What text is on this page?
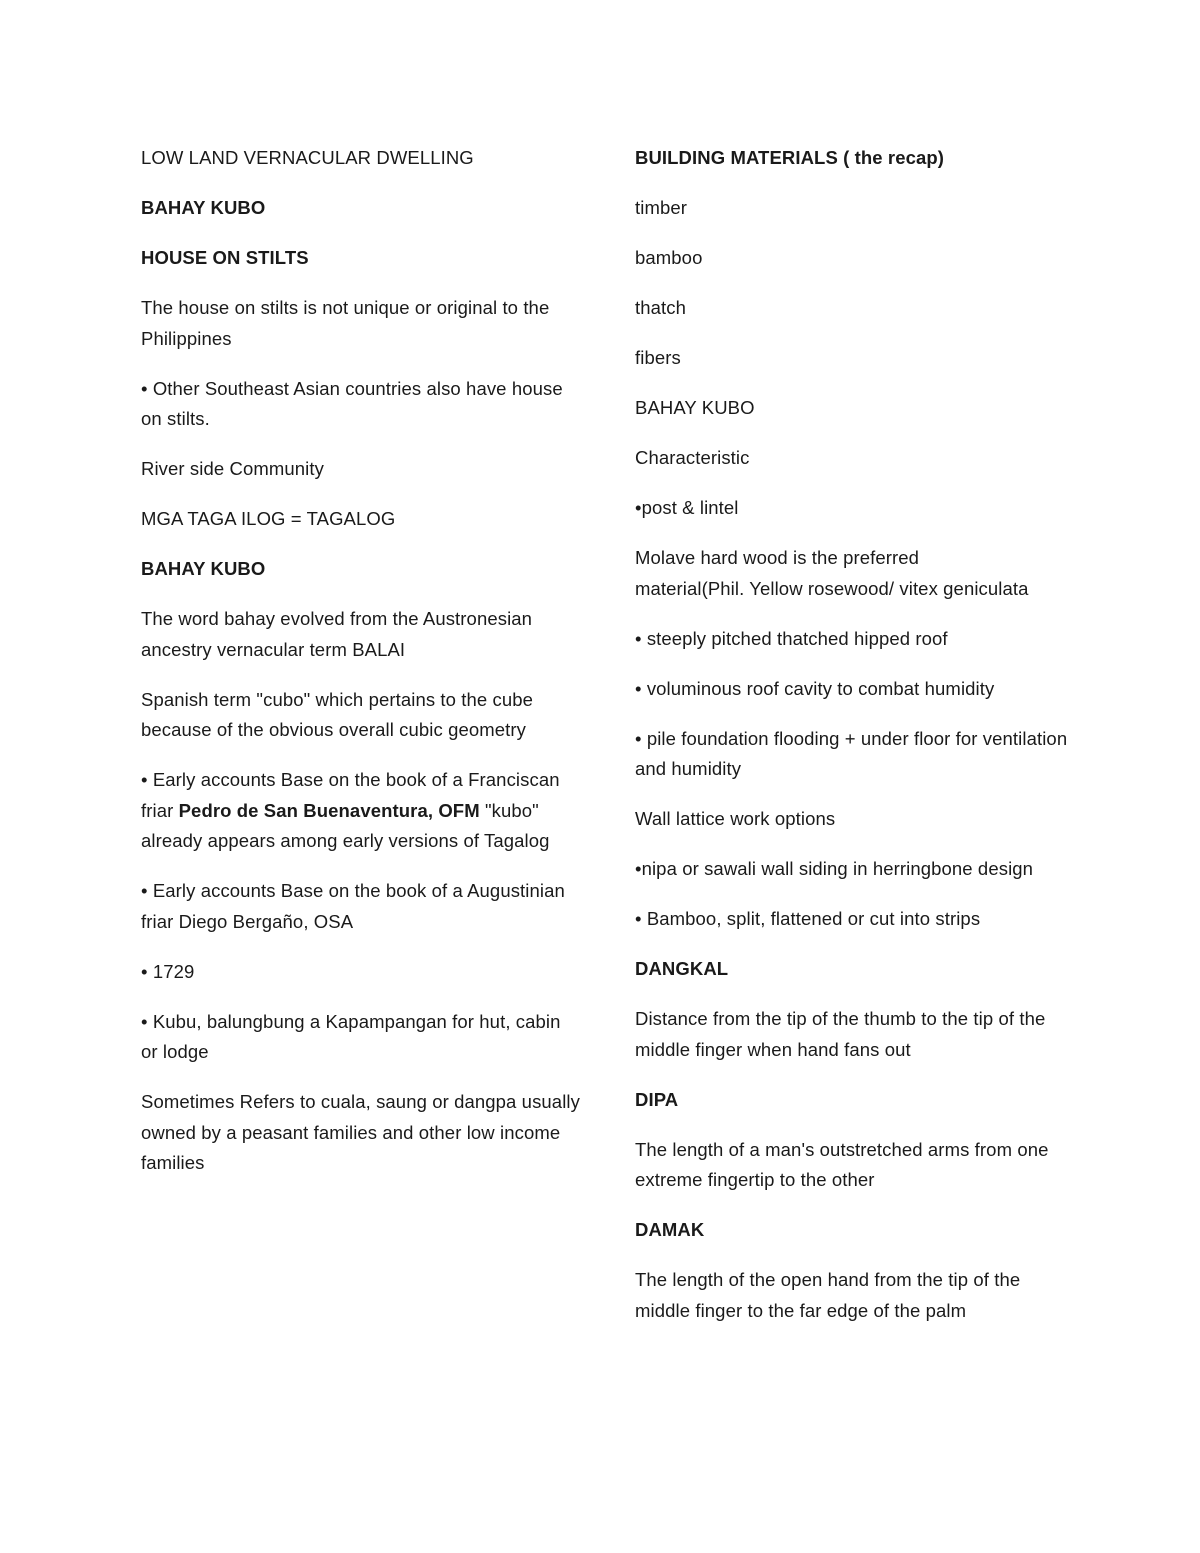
LOW LAND VERNACULAR DWELLING

BAHAY KUBO

HOUSE ON STILTS

The house on stilts is not unique or original to the Philippines

• Other Southeast Asian countries also have house on stilts.

River side Community

MGA TAGA ILOG = TAGALOG

BAHAY KUBO

The word bahay evolved from the Austronesian ancestry vernacular term BALAI

Spanish term "cubo" which pertains to the cube because of the obvious overall cubic geometry

• Early accounts Base on the book of a Franciscan friar Pedro de San Buenaventura, OFM "kubo" already appears among early versions of Tagalog

• Early accounts Base on the book of a Augustinian friar Diego Bergaño, OSA

• 1729

• Kubu, balungbung a Kapampangan for hut, cabin or lodge

Sometimes Refers to cuala, saung or dangpa usually owned by a peasant families and other low income families

BUILDING MATERIALS ( the recap)

timber

bamboo

thatch

fibers

BAHAY KUBO

Characteristic

•post & lintel

Molave hard wood is the preferred
material(Phil. Yellow rosewood/ vitex geniculata

• steeply pitched thatched hipped roof

• voluminous roof cavity to combat humidity

• pile foundation flooding + under floor for ventilation and humidity

Wall lattice work options

•nipa or sawali wall siding in herringbone design

• Bamboo, split, flattened or cut into strips

DANGKAL

Distance from the tip of the thumb to the tip of the middle finger when hand fans out

DIPA

The length of a man's outstretched arms from one extreme fingertip to the other

DAMAK

The length of the open hand from the tip of the middle finger to the far edge of the palm
